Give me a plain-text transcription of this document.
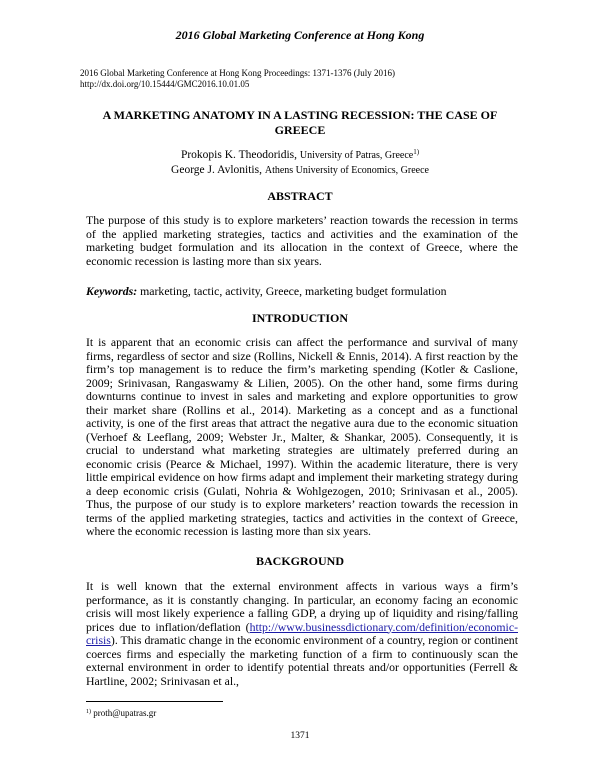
2016 Global Marketing Conference at Hong Kong
2016 Global Marketing Conference at Hong Kong Proceedings: 1371-1376 (July 2016)
http://dx.doi.org/10.15444/GMC2016.10.01.05
A MARKETING ANATOMY IN A LASTING RECESSION: THE CASE OF GREECE
Prokopis K. Theodoridis, University of Patras, Greece$^{1)}$
George J. Avlonitis, Athens University of Economics, Greece
ABSTRACT
The purpose of this study is to explore marketers’ reaction towards the recession in terms of the applied marketing strategies, tactics and activities and the examination of the marketing budget formulation and its allocation in the context of Greece, where the economic recession is lasting more than six years.
Keywords: marketing, tactic, activity, Greece, marketing budget formulation
INTRODUCTION
It is apparent that an economic crisis can affect the performance and survival of many firms, regardless of sector and size (Rollins, Nickell & Ennis, 2014). A first reaction by the firm’s top management is to reduce the firm’s marketing spending (Kotler & Caslione, 2009; Srinivasan, Rangaswamy & Lilien, 2005). On the other hand, some firms during downturns continue to invest in sales and marketing and explore opportunities to grow their market share (Rollins et al., 2014). Marketing as a concept and as a functional activity, is one of the first areas that attract the negative aura due to the economic situation (Verhoef & Leeflang, 2009; Webster Jr., Malter, & Shankar, 2005). Consequently, it is crucial to understand what marketing strategies are ultimately preferred during an economic crisis (Pearce & Michael, 1997). Within the academic literature, there is very little empirical evidence on how firms adapt and implement their marketing strategy during a deep economic crisis (Gulati, Nohria & Wohlgezogen, 2010; Srinivasan et al., 2005). Thus, the purpose of our study is to explore marketers’ reaction towards the recession in terms of the applied marketing strategies, tactics and activities in the context of Greece, where the economic recession is lasting more than six years.
BACKGROUND
It is well known that the external environment affects in various ways a firm’s performance, as it is constantly changing. In particular, an economy facing an economic crisis will most likely experience a falling GDP, a drying up of liquidity and rising/falling prices due to inflation/deflation (http://www.businessdictionary.com/definition/economic-crisis). This dramatic change in the economic environment of a country, region or continent coerces firms and especially the marketing function of a firm to continuously scan the external environment in order to identify potential threats and/or opportunities (Ferrell & Hartline, 2002; Srinivasan et al.,
$^{1)}$ proth@upatras.gr
1371
